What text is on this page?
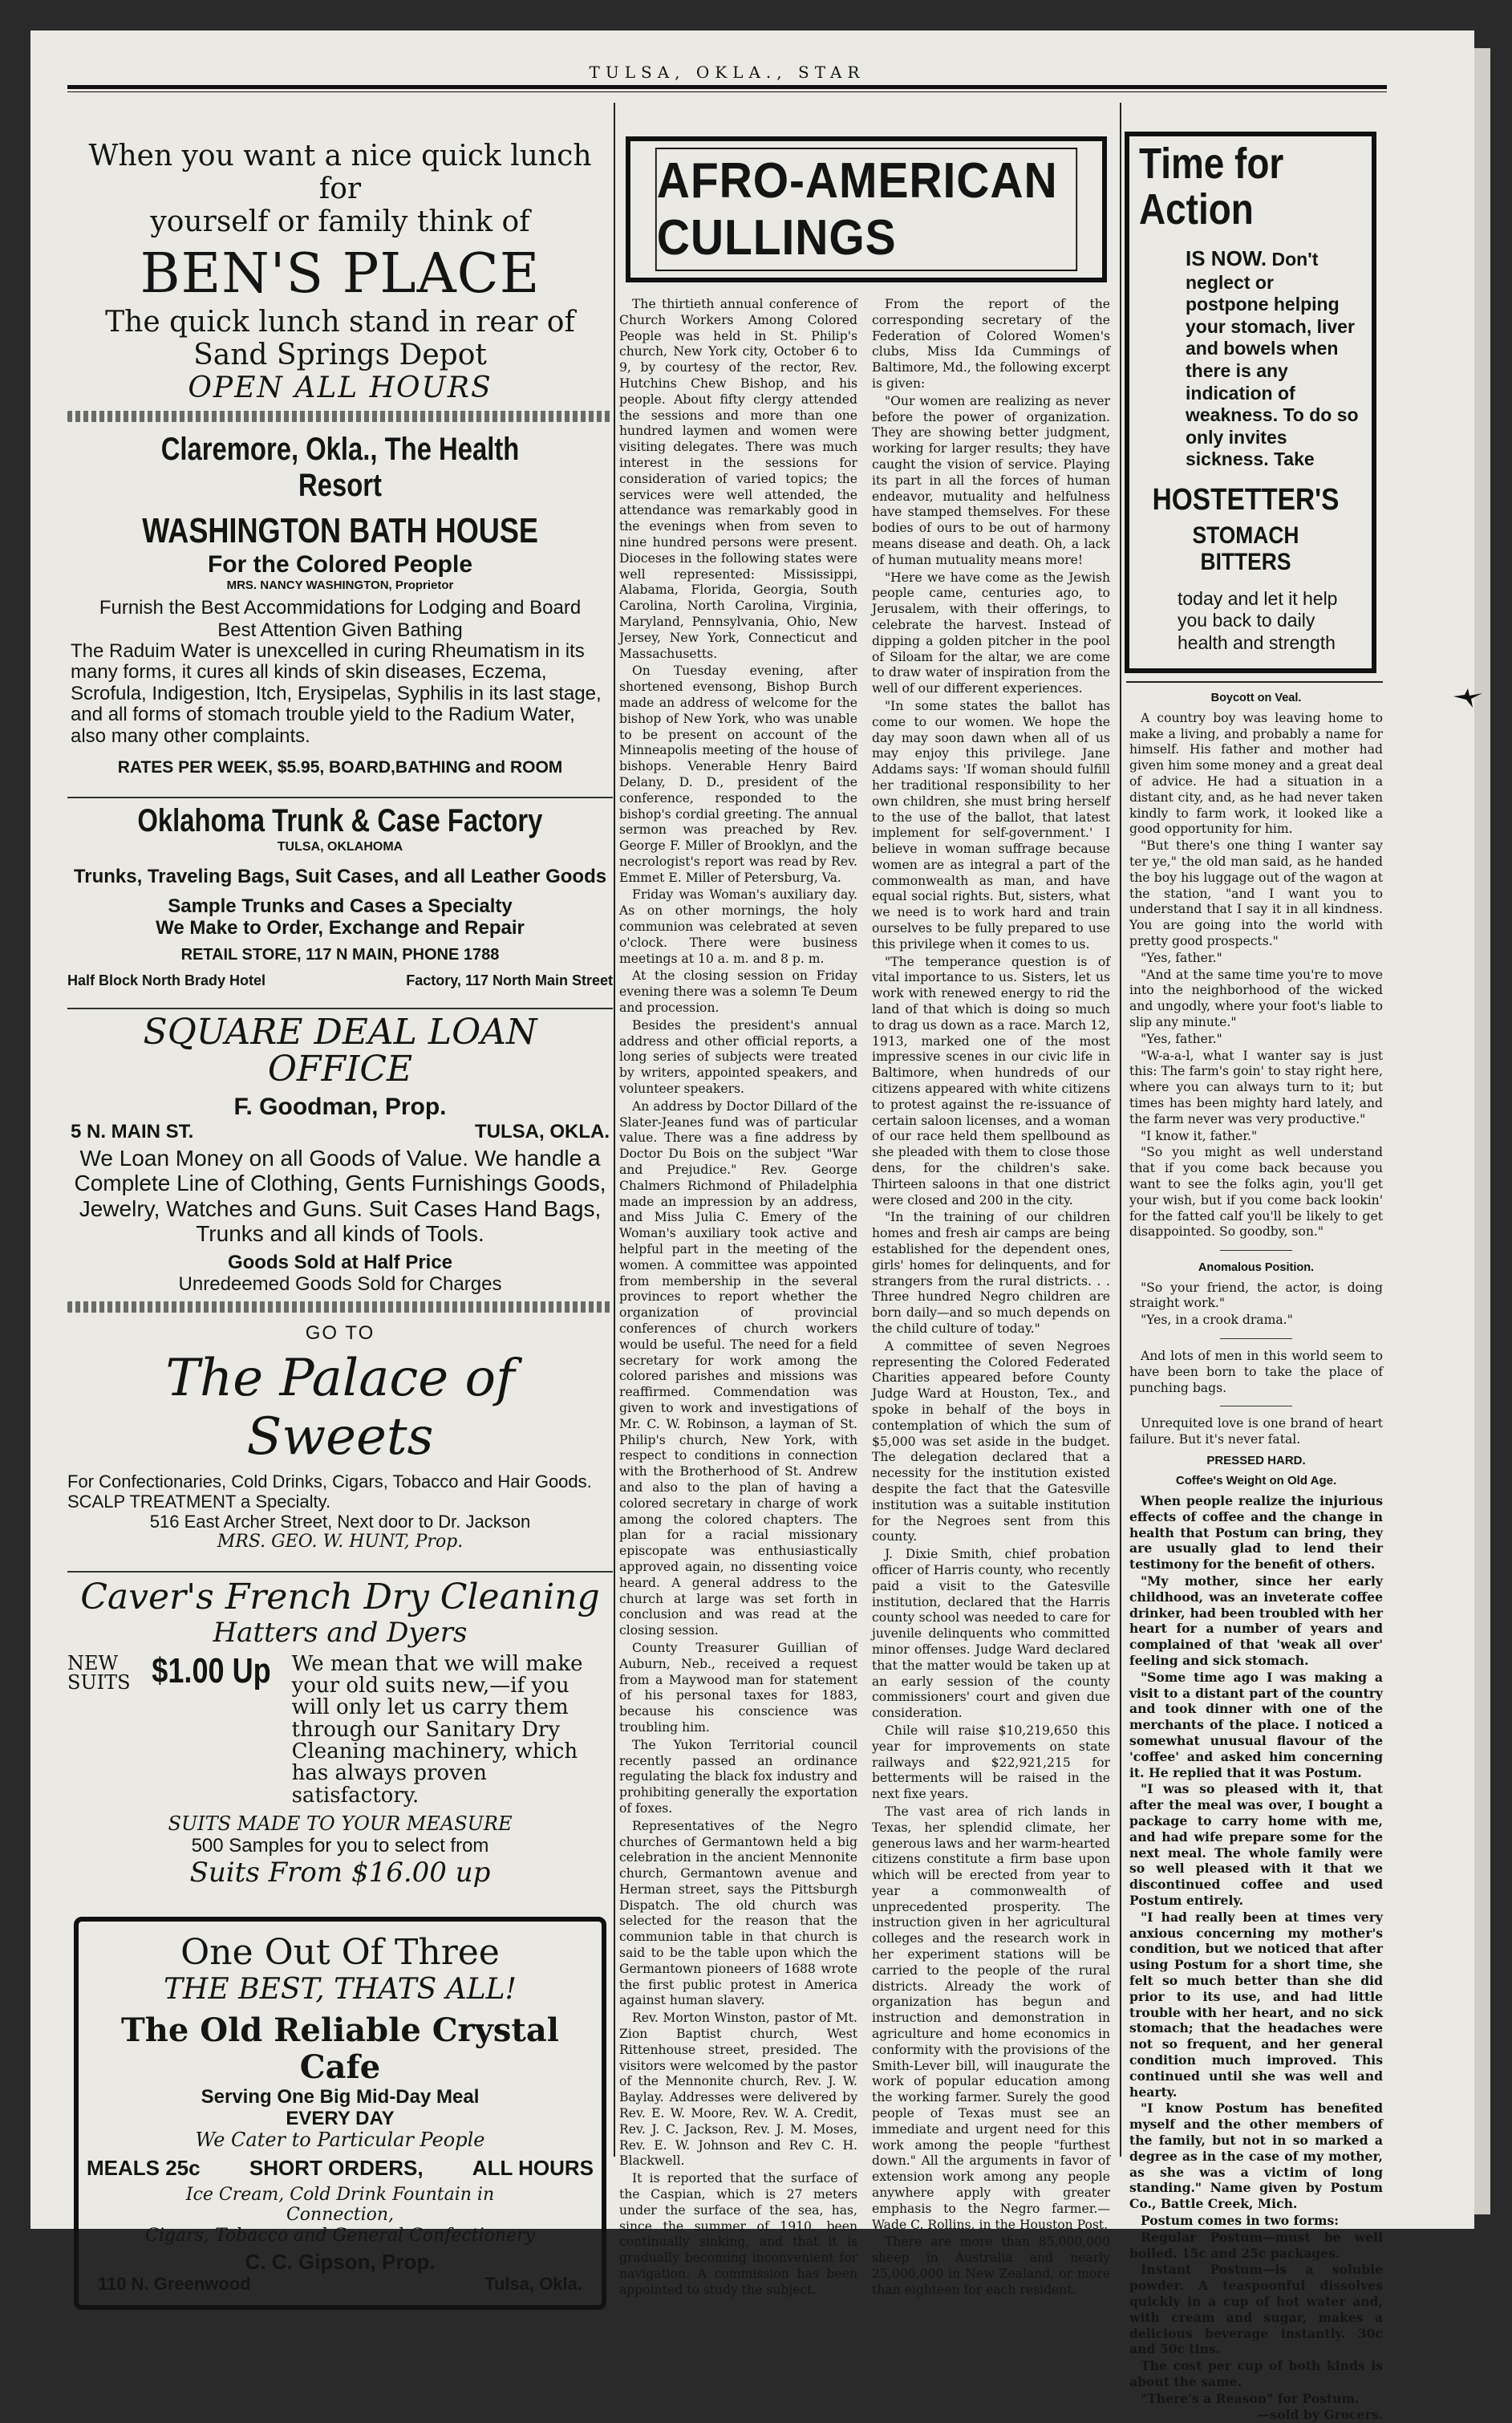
TULSA, OKLA., STAR
When you want a nice quick lunch for
yourself or family think of
BEN'S PLACE
The quick lunch stand in rear of Sand Springs Depot
OPEN ALL HOURS
Claremore, Okla., The Health Resort WASHINGTON BATH HOUSE
For the Colored People
MRS. NANCY WASHINGTON, Proprietor
Furnish the Best Accommidations for Lodging and Board
Best Attention Given Bathing
The Raduim Water is unexcelled in curing Rheumatism in its many forms, it cures all kinds of skin diseases, Eczema, Scrofula, Indigestion, Itch, Erysipelas, Syphilis in its last stage, and all forms of stomach trouble yield to the Radium Water, also many other complaints.
RATES PER WEEK, $5.95, BOARD,BATHING and ROOM
Oklahoma Trunk & Case Factory
TULSA, OKLAHOMA
Trunks, Traveling Bags, Suit Cases, and all Leather Goods
Sample Trunks and Cases a Specialty
We Make to Order, Exchange and Repair
RETAIL STORE, 117 N MAIN, PHONE 1788
Half Block North Brady Hotel	Factory, 117 North Main Street
SQUARE DEAL LOAN OFFICE
F. Goodman, Prop.
5 N. MAIN ST.	TULSA, OKLA.
We Loan Money on all Goods of Value. We handle a Complete Line of Clothing, Gents Furnishings Goods, Jewelry, Watches and Guns. Suit Cases Hand Bags, Trunks and all kinds of Tools.
Goods Sold at Half Price
Unredeemed Goods Sold for Charges
GO TO
The Palace of Sweets
For Confectionaries, Cold Drinks, Cigars, Tobacco and Hair Goods. SCALP TREATMENT a Specialty.
516 East Archer Street, Next door to Dr. Jackson
MRS. GEO. W. HUNT, Prop.
Caver's French Dry Cleaning
Hatters and Dyers
NEW
SUITS $1.00 Up We mean that we will make your old suits new,—if you will only let us carry them through our Sanitary Dry Cleaning machinery, which has always proven satisfactory.
SUITS MADE TO YOUR MEASURE
500 Samples for you to select from
Suits From $16.00 up
One Out Of Three
THE BEST, THATS ALL!
The Old Reliable Crystal Cafe
Serving One Big Mid-Day Meal
EVERY DAY
We Cater to Particular People
MEALS 25c SHORT ORDERS, ALL HOURS
Ice Cream, Cold Drink Fountain in Connection,
Cigars, Tobacco and General Confectionery
C. C. Gipson, Prop.
110 N. Greenwood	Tulsa, Okla.
AFRO-AMERICAN CULLINGS

The thirtieth annual conference of Church Workers Among Colored People was held in St. Philip's church, New York city, October 6 to 9, by courtesy of the rector, Rev. Hutchins Chew Bishop, and his people. About fifty clergy attended the sessions and more than one hundred laymen and women were visiting delegates. There was much interest in the sessions for consideration of varied topics; the services were well attended, the attendance was remarkably good in the evenings when from seven to nine hundred persons were present. Dioceses in the following states were well represented: Mississippi, Alabama, Florida, Georgia, South Carolina, North Carolina, Virginia, Maryland, Pennsylvania, Ohio, New Jersey, New York, Connecticut and Massachusetts.

On Tuesday evening, after shortened evensong, Bishop Burch made an address of welcome for the bishop of New York, who was unable to be present on account of the Minneapolis meeting of the house of bishops. Venerable Henry Baird Delany, D. D., president of the conference, responded to the bishop's cordial greeting. The annual sermon was preached by Rev. George F. Miller of Brooklyn, and the necrologist's report was read by Rev. Emmet E. Miller of Petersburg, Va.

Friday was Woman's auxiliary day. As on other mornings, the holy communion was celebrated at seven o'clock. There were business meetings at 10 a. m. and 8 p. m.

At the closing session on Friday evening there was a solemn Te Deum and procession.

Besides the president's annual address and other official reports, a long series of subjects were treated by writers, appointed speakers, and volunteer speakers.

An address by Doctor Dillard of the Slater-Jeanes fund was of particular value. There was a fine address by Doctor Du Bois on the subject "War and Prejudice." Rev. George Chalmers Richmond of Philadelphia made an impression by an address, and Miss Julia C. Emery of the Woman's auxiliary took active and helpful part in the meeting of the women. A committee was appointed from membership in the several provinces to report whether the organization of provincial conferences of church workers would be useful. The need for a field secretary for work among the colored parishes and missions was reaffirmed. Commendation was given to work and investigations of Mr. C. W. Robinson, a layman of St. Philip's church, New York, with respect to conditions in connection with the Brotherhood of St. Andrew and also to the plan of having a colored secretary in charge of work among the colored chapters. The plan for a racial missionary episcopate was enthusiastically approved again, no dissenting voice heard. A general address to the church at large was set forth in conclusion and was read at the closing session.

County Treasurer Guillian of Auburn, Neb., received a request from a Maywood man for statement of his personal taxes for 1883, because his conscience was troubling him.

The Yukon Territorial council recently passed an ordinance regulating the black fox industry and prohibiting generally the exportation of foxes.

Representatives of the Negro churches of Germantown held a big celebration in the ancient Mennonite church, Germantown avenue and Herman street, says the Pittsburgh Dispatch. The old church was selected for the reason that the communion table in that church is said to be the table upon which the Germantown pioneers of 1688 wrote the first public protest in America against human slavery.

Rev. Morton Winston, pastor of Mt. Zion Baptist church, West Rittenhouse street, presided. The visitors were welcomed by the pastor of the Mennonite church, Rev. J. W. Baylay. Addresses were delivered by Rev. E. W. Moore, Rev. W. A. Credit, Rev. J. C. Jackson, Rev. J. M. Moses, Rev. E. W. Johnson and Rev C. H. Blackwell.

It is reported that the surface of the Caspian, which is 27 meters under the surface of the sea, has, since the summer of 1910, been continually sinking, and that it is gradually becoming inconvenient for navigation. A commission has been appointed to study the subject.

From the report of the corresponding secretary of the Federation of Colored Women's clubs, Miss Ida Cummings of Baltimore, Md., the following excerpt is given:

"Our women are realizing as never before the power of organization. They are showing better judgment, working for larger results; they have caught the vision of service. Playing its part in all the forces of human endeavor, mutuality and helfulness have stamped themselves. For these bodies of ours to be out of harmony means disease and death. Oh, a lack of human mutuality means more!

"Here we have come as the Jewish people came, centuries ago, to Jerusalem, with their offerings, to celebrate the harvest. Instead of dipping a golden pitcher in the pool of Siloam for the altar, we are come to draw water of inspiration from the well of our different experiences.

"In some states the ballot has come to our women. We hope the day may soon dawn when all of us may enjoy this privilege. Jane Addams says: 'If woman should fulfill her traditional responsibility to her own children, she must bring herself to the use of the ballot, that latest implement for self-government.' I believe in woman suffrage because women are as integral a part of the commonwealth as man, and have equal social rights. But, sisters, what we need is to work hard and train ourselves to be fully prepared to use this privilege when it comes to us.

"The temperance question is of vital importance to us. Sisters, let us work with renewed energy to rid the land of that which is doing so much to drag us down as a race. March 12, 1913, marked one of the most impressive scenes in our civic life in Baltimore, when hundreds of our citizens appeared with white citizens to protest against the re-issuance of certain saloon licenses, and a woman of our race held them spellbound as she pleaded with them to close those dens, for the children's sake. Thirteen saloons in that one district were closed and 200 in the city.

"In the training of our children homes and fresh air camps are being established for the dependent ones, girls' homes for delinquents, and for strangers from the rural districts. . . Three hundred Negro children are born daily—and so much depends on the child culture of today."

A committee of seven Negroes representing the Colored Federated Charities appeared before County Judge Ward at Houston, Tex., and spoke in behalf of the boys in contemplation of which the sum of $5,000 was set aside in the budget. The delegation declared that a necessity for the institution existed despite the fact that the Gatesville institution was a suitable institution for the Negroes sent from this county.

J. Dixie Smith, chief probation officer of Harris county, who recently paid a visit to the Gatesville institution, declared that the Harris county school was needed to care for juvenile delinquents who committed minor offenses. Judge Ward declared that the matter would be taken up at an early session of the county commissioners' court and given due consideration.

Chile will raise $10,219,650 this year for improvements on state railways and $22,921,215 for betterments will be raised in the next fixe years.

The vast area of rich lands in Texas, her splendid climate, her generous laws and her warm-hearted citizens constitute a firm base upon which will be erected from year to year a commonwealth of unprecedented prosperity. The instruction given in her agricultural colleges and the research work in her experiment stations will be carried to the people of the rural districts. Already the work of organization has begun and instruction and demonstration in agriculture and home economics in conformity with the provisions of the Smith-Lever bill, will inaugurate the work of popular education among the working farmer. Surely the good people of Texas must see an immediate and urgent need for this work among the people "furthest down." All the arguments in favor of extension work among any people anywhere apply with greater emphasis to the Negro farmer.—Wade C. Rollins, in the Houston Post.

There are more than 85,000,000 sheep in Australia and nearly 25,000,000 in New Zealand, or more than eighteen for each resident.

Time for
Action
IS NOW. Don't neglect or postpone helping your stomach, liver and bowels when there is any indication of weakness. To do so only invites sickness. Take
HOSTETTER'S
STOMACH BITTERS
today and let it help you back to daily health and strength
Boycott on Veal.

A country boy was leaving home to make a living, and probably a name for himself. His father and mother had given him some money and a great deal of advice. He had a situation in a distant city, and, as he had never taken kindly to farm work, it looked like a good opportunity for him.

"But there's one thing I wanter say ter ye," the old man said, as he handed the boy his luggage out of the wagon at the station, "and I want you to understand that I say it in all kindness. You are going into the world with pretty good prospects."

"Yes, father."

"And at the same time you're to move into the neighborhood of the wicked and ungodly, where your foot's liable to slip any minute."

"Yes, father."

"W-a-a-l, what I wanter say is just this: The farm's goin' to stay right here, where you can always turn to it; but times has been mighty hard lately, and the farm never was very productive."

"I know it, father."

"So you might as well understand that if you come back because you want to see the folks agin, you'll get your wish, but if you come back lookin' for the fatted calf you'll be likely to get disappointed. So goodby, son."

Anomalous Position.

"So your friend, the actor, is doing straight work."

"Yes, in a crook drama."

And lots of men in this world seem to have been born to take the place of punching bags.

Unrequited love is one brand of heart failure. But it's never fatal.

PRESSED HARD.
Coffee's Weight on Old Age.

When people realize the injurious effects of coffee and the change in health that Postum can bring, they are usually glad to lend their testimony for the benefit of others.

"My mother, since her early childhood, was an inveterate coffee drinker, had been troubled with her heart for a number of years and complained of that 'weak all over' feeling and sick stomach.

"Some time ago I was making a visit to a distant part of the country and took dinner with one of the merchants of the place. I noticed a somewhat unusual flavour of the 'coffee' and asked him concerning it. He replied that it was Postum.

"I was so pleased with it, that after the meal was over, I bought a package to carry home with me, and had wife prepare some for the next meal. The whole family were so well pleased with it that we discontinued coffee and used Postum entirely.

"I had really been at times very anxious concerning my mother's condition, but we noticed that after using Postum for a short time, she felt so much better than she did prior to its use, and had little trouble with her heart, and no sick stomach; that the headaches were not so frequent, and her general condition much improved. This continued until she was well and hearty.

"I know Postum has benefited myself and the other members of the family, but not in so marked a degree as in the case of my mother, as she was a victim of long standing." Name given by Postum Co., Battle Creek, Mich.

Postum comes in two forms:

Regular Postum—must be well boiled. 15c and 25c packages.

Instant Postum—is a soluble powder. A teaspoonful dissolves quickly in a cup of hot water and, with cream and sugar, makes a delicious beverage instantly. 30c and 50c tins.

The cost per cup of both kinds is about the same.

"There's a Reason" for Postum.

—sold by Grocers.
